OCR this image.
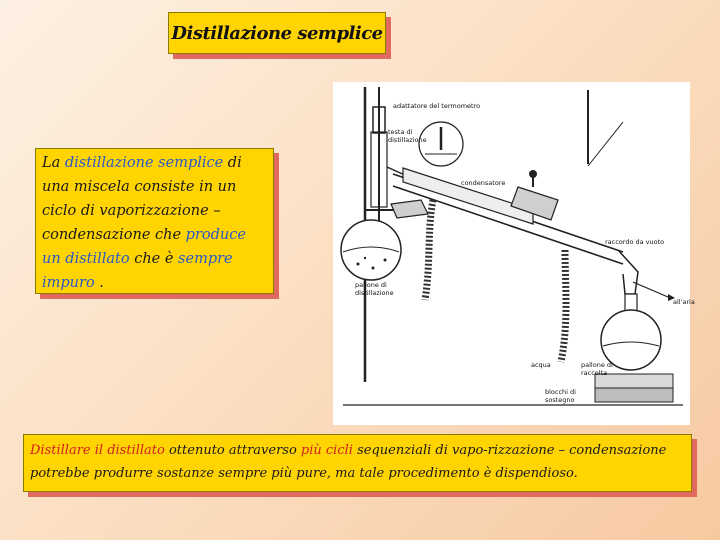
Distillazione semplice
La distillazione semplice di una miscela consiste in un ciclo di vaporizzazione – condensazione che produce un distillato che è sempre impuro .
adattatore del termometro
testa di
distillazione
condensatore
raccordo da vuoto
pallone di
distillazione
all'aria
acqua	pallone di
raccolta
blocchi di
sostegno
Distillare il distillato ottenuto attraverso più cicli sequenziali di vapo-rizzazione – condensazione potrebbe produrre sostanze sempre più pure, ma tale procedimento è dispendioso.
